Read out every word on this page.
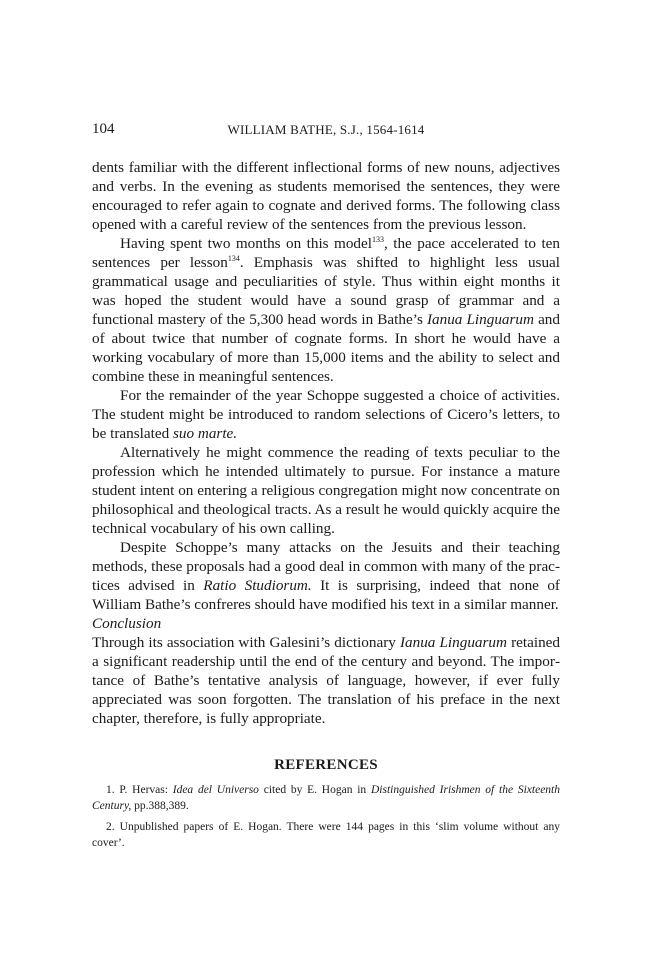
104	WILLIAM BATHE, S.J., 1564-1614

dents familiar with the different inflectional forms of new nouns, adjectives and verbs. In the evening as students memorised the sentences, they were encouraged to refer again to cognate and derived forms. The following class opened with a careful review of the sentences from the previous lesson.

Having spent two months on this model$^{133}$, the pace accelerated to ten sentences per lesson$^{134}$. Emphasis was shifted to highlight less usual grammatical usage and peculiarities of style. Thus within eight months it was hoped the student would have a sound grasp of grammar and a functional mastery of the 5,300 head words in Bathe’s Ianua Linguarum and of about twice that number of cognate forms. In short he would have a working vocabulary of more than 15,000 items and the ability to select and combine these in meaningful sentences.

For the remainder of the year Schoppe suggested a choice of activities. The student might be introduced to random selections of Cicero’s letters, to be translated suo marte.

Alternatively he might commence the reading of texts peculiar to the profession which he intended ultimately to pursue. For instance a mature student intent on entering a religious congregation might now concentrate on philosophical and theological tracts. As a result he would quickly acquire the technical vocabulary of his own calling.

Despite Schoppe’s many attacks on the Jesuits and their teaching methods, these proposals had a good deal in common with many of the practices advised in Ratio Studiorum. It is surprising, indeed that none of William Bathe’s confreres should have modified his text in a similar manner.

Conclusion

Through its association with Galesini’s dictionary Ianua Linguarum retained a significant readership until the end of the century and beyond. The importance of Bathe’s tentative analysis of language, however, if ever fully appreciated was soon forgotten. The translation of his preface in the next chapter, therefore, is fully appropriate.

REFERENCES

1. P. Hervas: Idea del Universo cited by E. Hogan in Distinguished Irishmen of the Sixteenth Century, pp.388,389.

2. Unpublished papers of E. Hogan. There were 144 pages in this ‘slim volume without any cover’.
